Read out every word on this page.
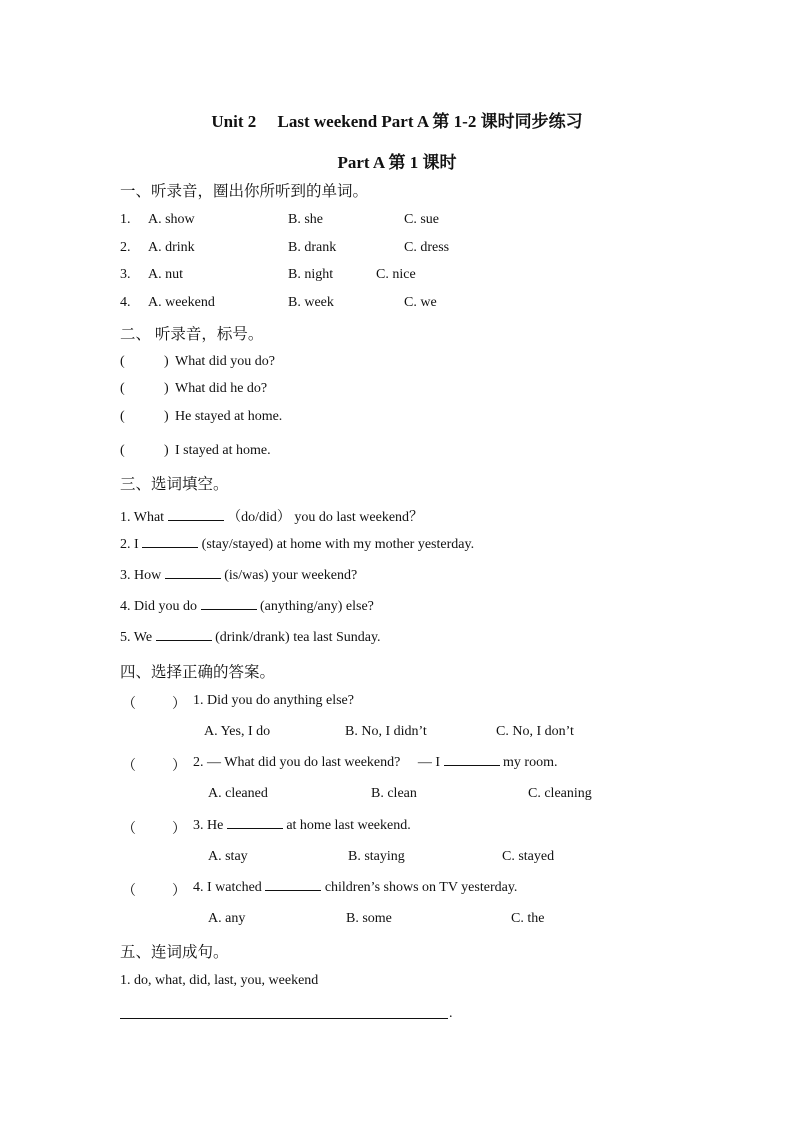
Unit 2  Last weekend Part A 第 1-2 课时同步练习
Part A 第 1 课时
一、听录音，圈出你所听到的单词。
1. A. show	B. she	C. sue
2. A. drink	B. drank	C. dress
3. A. nut	B. night	C. nice
4. A. weekend	B. week	C. we
二、 听录音，标号。
(	) What did you do?
(	) What did he do?
(	) He stayed at home.
(	) I stayed at home.
三、选词填空。
1. What	（do/did） you do last weekend？
2. I	(stay/stayed) at home with my mother yesterday.
3. How	(is/was) your weekend?
4. Did you do	(anything/any) else?
5. We	(drink/drank) tea last Sunday.
四、选择正确的答案。
（	） 1. Did you do anything else?
A. Yes, I do	B. No, I didn’t	C. No, I don’t
（	） 2. — What did you do last weekend?  — I	my room.
A. cleaned	B. clean	C. cleaning
（	） 3. He	at home last weekend.
A. stay	B. staying	C. stayed
（	） 4. I watched	children’s shows on TV yesterday.
A. any	B. some	C. the
五、连词成句。
1. do, what, did, last, you, weekend
.
